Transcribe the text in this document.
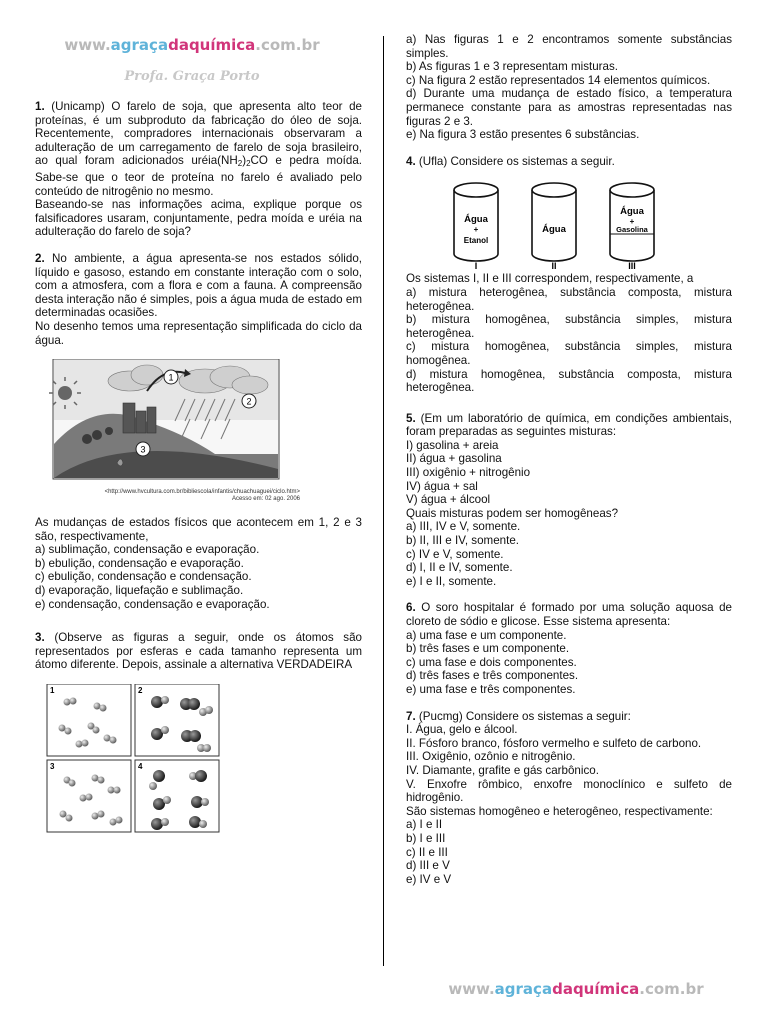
www.agraçadaquímica.com.br
Profa. Graça Porto
1. (Unicamp) O farelo de soja, que apresenta alto teor de proteínas, é um subproduto da fabricação do óleo de soja. Recentemente, compradores internacionais observaram a adulteração de um carregamento de farelo de soja brasileiro, ao qual foram adicionados $uréia(NH_2)_2CO$ e pedra moída. Sabe-se que o teor de proteína no farelo é avaliado pelo conteúdo de nitrogênio no mesmo.
Baseando-se nas informações acima, explique porque os falsificadores usaram, conjuntamente, pedra moída e uréia na adulteração do farelo de soja?
2. No ambiente, a água apresenta-se nos estados sólido, líquido e gasoso, estando em constante interação com o solo, com a atmosfera, com a flora e com a fauna. A compreensão desta interação não é simples, pois a água muda de estado em determinadas ocasiões.
No desenho temos uma representação simplificada do ciclo da água.
1
2
3
<http://www.hvcultura.com.br/bibliescola/infantis/chuachuaguei/ciclo.htm>
Acesso em: 02 ago. 2006
As mudanças de estados físicos que acontecem em 1, 2 e 3 são, respectivamente,
a) sublimação, condensação e evaporação.
b) ebulição, condensação e evaporação.
c) ebulição, condensação e condensação.
d) evaporação, liquefação e sublimação.
e) condensação, condensação e evaporação.
3. (Observe as figuras a seguir, onde os átomos são representados por esferas e cada tamanho representa um átomo diferente. Depois, assinale a alternativa VERDADEIRA
1	2
3	4
a) Nas figuras 1 e 2 encontramos somente substâncias simples.
b) As figuras 1 e 3 representam misturas.
c) Na figura 2 estão representados 14 elementos químicos.
d) Durante uma mudança de estado físico, a temperatura permanece constante para as amostras representadas nas figuras 2 e 3.
e) Na figura 3 estão presentes 6 substâncias.
4. (Ufla) Considere os sistemas a seguir.
Água
+
Etanol
I
Água
II
Água
+
Gasolina
III
Os sistemas I, II e III correspondem, respectivamente, a
a) mistura heterogênea, substância composta, mistura heterogênea.
b) mistura homogênea, substância simples, mistura heterogênea.
c) mistura homogênea, substância simples, mistura homogênea.
d) mistura homogênea, substância composta, mistura heterogênea.
5. (Em um laboratório de química, em condições ambientais, foram preparadas as seguintes misturas:
I) gasolina + areia
II) água + gasolina
III) oxigênio + nitrogênio
IV) água + sal
V) água + álcool
Quais misturas podem ser homogêneas?
a) III, IV e V, somente.
b) II, III e IV, somente.
c) IV e V, somente.
d) I, II e IV, somente.
e) I e II, somente.
6. O soro hospitalar é formado por uma solução aquosa de cloreto de sódio e glicose. Esse sistema apresenta:
a) uma fase e um componente.
b) três fases e um componente.
c) uma fase e dois componentes.
d) três fases e três componentes.
e) uma fase e três componentes.
7. (Pucmg) Considere os sistemas a seguir:
I. Água, gelo e álcool.
II. Fósforo branco, fósforo vermelho e sulfeto de carbono.
III. Oxigênio, ozônio e nitrogênio.
IV. Diamante, grafite e gás carbônico.
V. Enxofre rômbico, enxofre monoclínico e sulfeto de hidrogênio.
São sistemas homogêneo e heterogêneo, respectivamente:
a) I e II
b) I e III
c) II e III
d) III e V
e) IV e V
www.agraçadaquímica.com.br
